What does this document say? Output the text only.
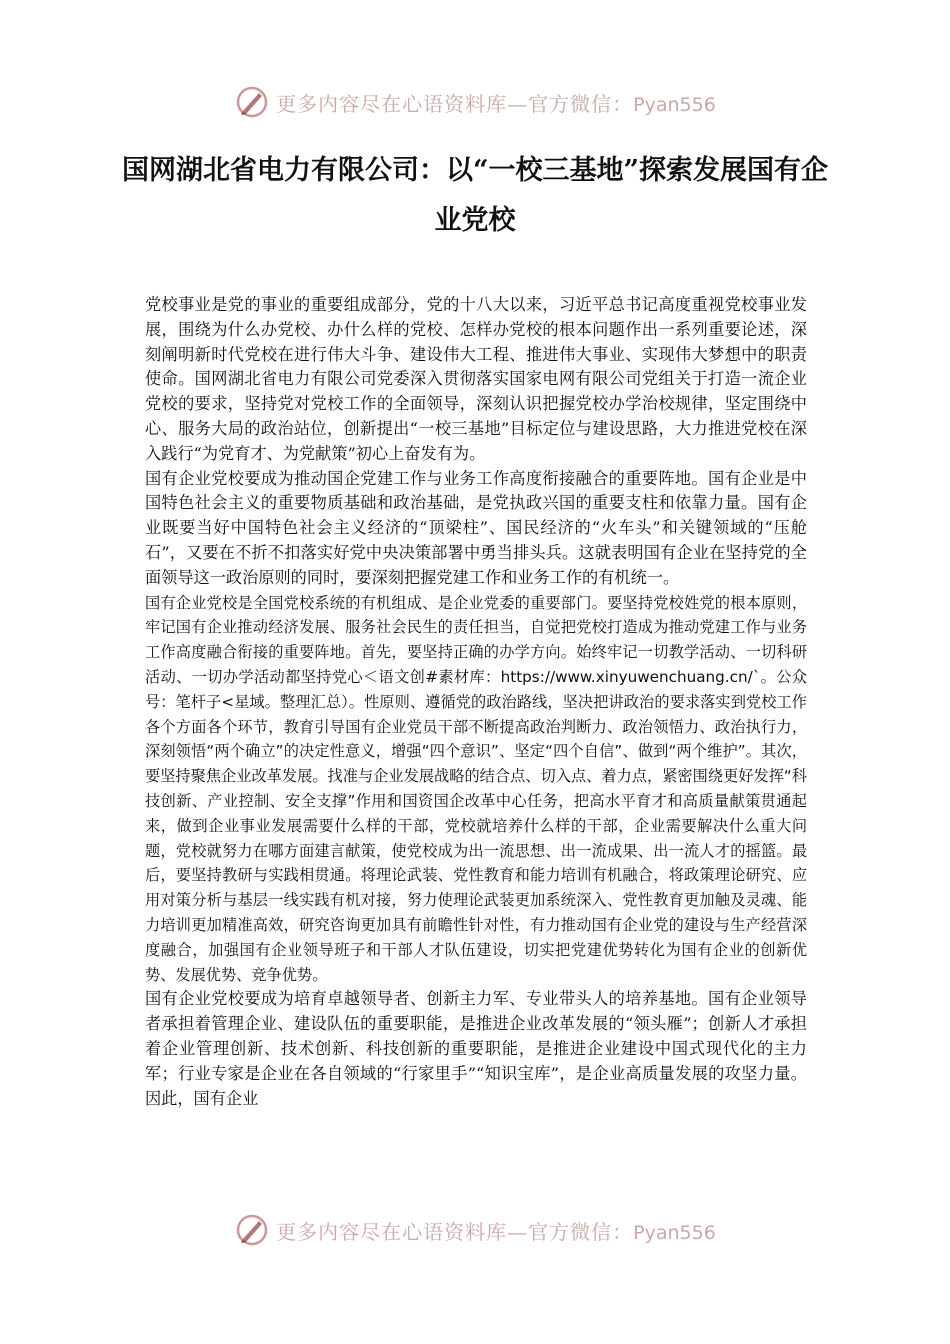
更多内容尽在心语资料库—官方微信：Pyan556
国网湖北省电力有限公司：以“一校三基地”探索发展国有企业党校

党校事业是党的事业的重要组成部分，党的十八大以来，习近平总书记高度重视党校事业发展，围绕为什么办党校、办什么样的党校、怎样办党校的根本问题作出一系列重要论述，深刻阐明新时代党校在进行伟大斗争、建设伟大工程、推进伟大事业、实现伟大梦想中的职责使命。国网湖北省电力有限公司党委深入贯彻落实国家电网有限公司党组关于打造一流企业党校的要求，坚持党对党校工作的全面领导，深刻认识把握党校办学治校规律，坚定围绕中心、服务大局的政治站位，创新提出“一校三基地”目标定位与建设思路，大力推进党校在深入践行“为党育才、为党献策”初心上奋发有为。

国有企业党校要成为推动国企党建工作与业务工作高度衔接融合的重要阵地。国有企业是中国特色社会主义的重要物质基础和政治基础，是党执政兴国的重要支柱和依靠力量。国有企业既要当好中国特色社会主义经济的“顶梁柱”、国民经济的“火车头”和关键领域的“压舱石”，又要在不折不扣落实好党中央决策部署中勇当排头兵。这就表明国有企业在坚持党的全面领导这一政治原则的同时，要深刻把握党建工作和业务工作的有机统一。

国有企业党校是全国党校系统的有机组成、是企业党委的重要部门。要坚持党校姓党的根本原则，牢记国有企业推动经济发展、服务社会民生的责任担当，自觉把党校打造成为推动党建工作与业务工作高度融合衔接的重要阵地。首先，要坚持正确的办学方向。始终牢记一切教学活动、一切科研活动、一切办学活动都坚持党心＜语文创#素材库：https://www.xinyuwenchuang.cn/`。公众号：笔杆子<星域。整理汇总）。性原则、遵循党的政治路线，坚决把讲政治的要求落实到党校工作各个方面各个环节，教育引导国有企业党员干部不断提高政治判断力、政治领悟力、政治执行力，深刻领悟“两个确立”的决定性意义，增强“四个意识”、坚定“四个自信”、做到“两个维护”。其次，要坚持聚焦企业改革发展。找准与企业发展战略的结合点、切入点、着力点，紧密围绕更好发挥“科技创新、产业控制、安全支撑”作用和国资国企改革中心任务，把高水平育才和高质量献策贯通起来，做到企业事业发展需要什么样的干部，党校就培养什么样的干部，企业需要解决什么重大问题，党校就努力在哪方面建言献策，使党校成为出一流思想、出一流成果、出一流人才的摇篮。最后，要坚持教研与实践相贯通。将理论武装、党性教育和能力培训有机融合，将政策理论研究、应用对策分析与基层一线实践有机对接，努力使理论武装更加系统深入、党性教育更加触及灵魂、能力培训更加精准高效，研究咨询更加具有前瞻性针对性，有力推动国有企业党的建设与生产经营深度融合，加强国有企业领导班子和干部人才队伍建设，切实把党建优势转化为国有企业的创新优势、发展优势、竞争优势。

国有企业党校要成为培育卓越领导者、创新主力军、专业带头人的培养基地。国有企业领导者承担着管理企业、建设队伍的重要职能，是推进企业改革发展的“领头雁”；创新人才承担着企业管理创新、技术创新、科技创新的重要职能，是推进企业建设中国式现代化的主力军；行业专家是企业在各自领域的“行家里手”“知识宝库”，是企业高质量发展的攻坚力量。因此，国有企业

更多内容尽在心语资料库—官方微信：Pyan556
